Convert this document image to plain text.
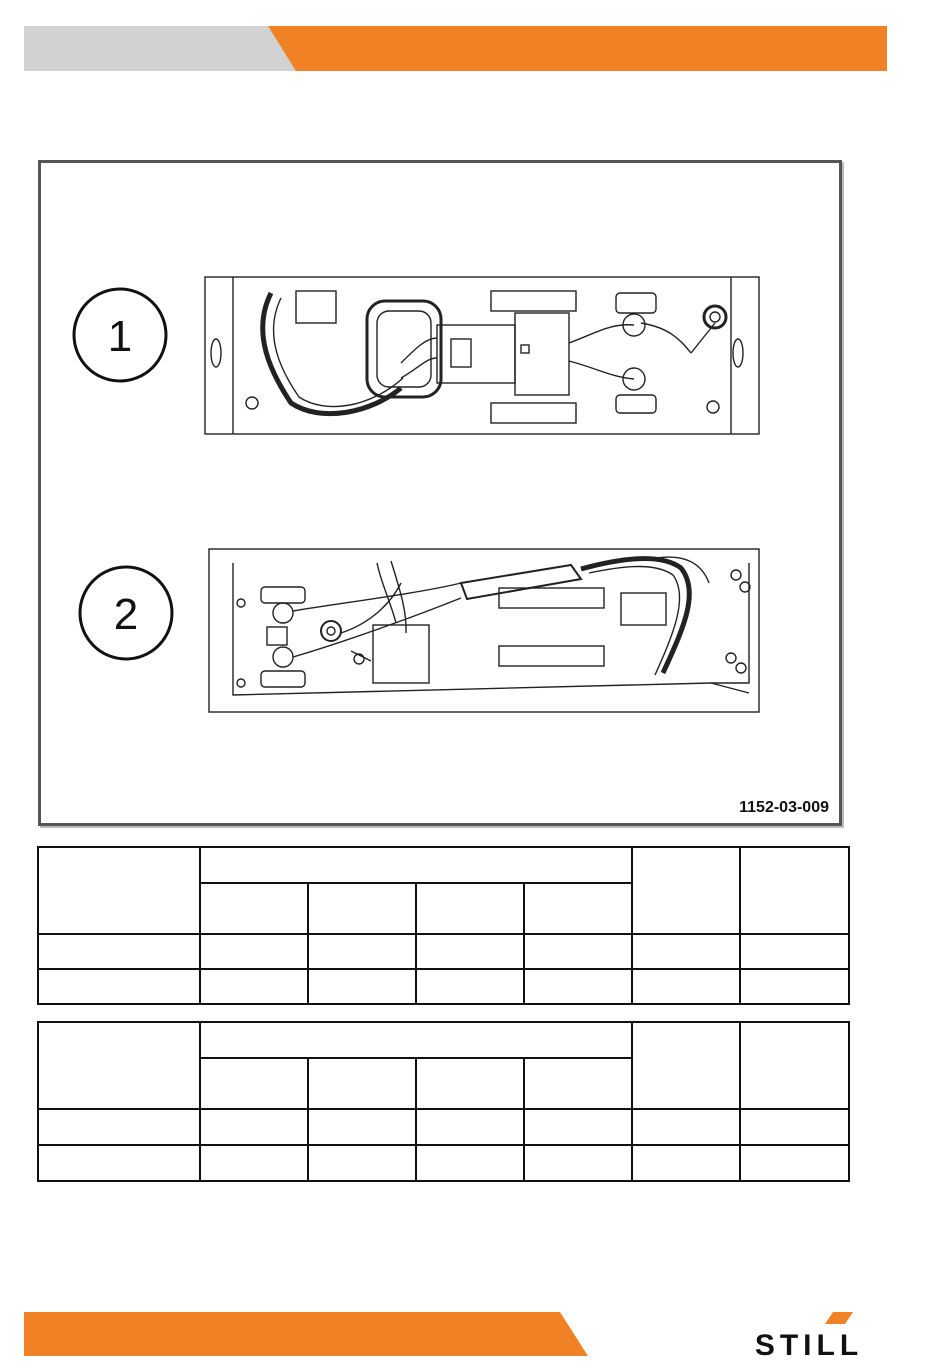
1
2
1152-03-009

STILL
